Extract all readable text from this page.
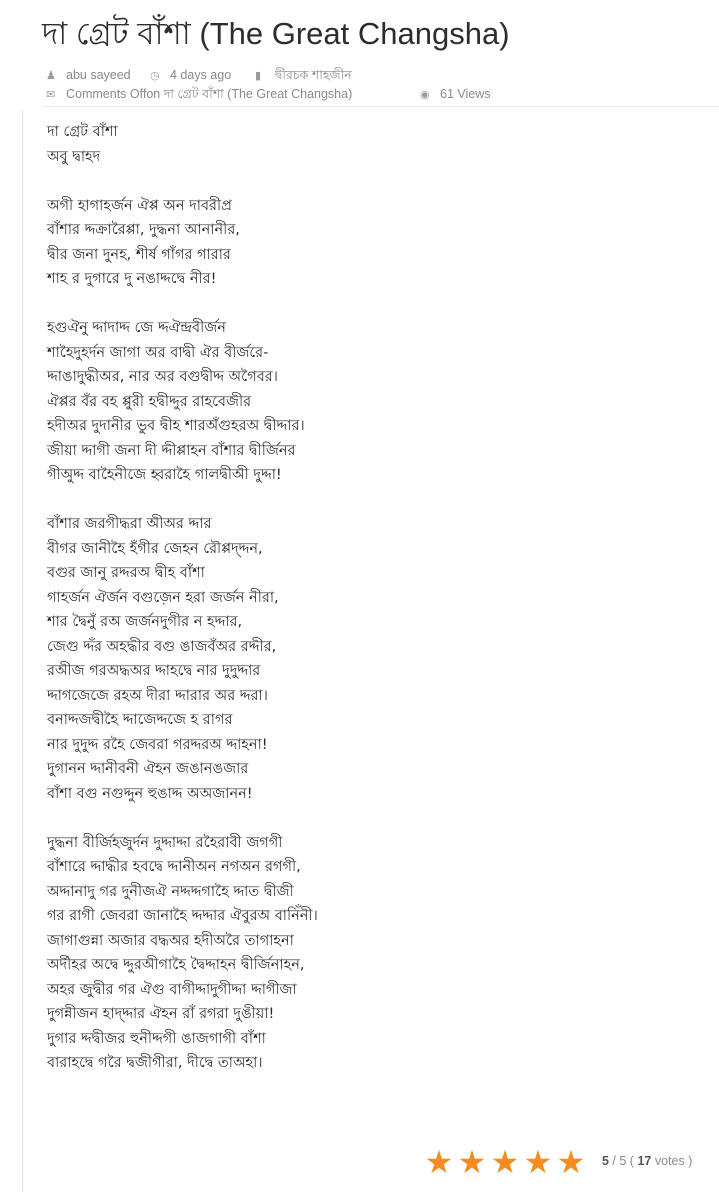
দা গ্রেট বাঁশা (The Great Changsha)
♟ abu sayeed ◷ 4 days ago ▮ দ্বীরচক শাহজীন
✉ Comments Offon দা গ্রেট বাঁশা (The Great Changsha)	◉ 61 Views
দা গ্রেট বাঁশা
অবু দ্বাহদ
অগী হাগাহর্জন ঐপ্প অন দাবরীপ্র
বাঁশার দ্দক্রারৈপ্পা, দুদ্ধনা আনানীর,
দ্বীর জনা দুনহ, শীর্ষ গাঁগর গারার
শাহ র দুগারে দু নঙাদ্দদ্বে নীর!
হগুঐনু দ্দাদাদ্দ জে দ্দঐন্দ্রবীর্জন
শাহৈদুহর্দন জাগা অর বাদ্বী ঐর বীর্জরে-
দ্দাঙাদুদ্ধীঅর, নার অর বগুদ্বীদ্দ অগৈবর।
ঐপ্পর বঁর বহ প্পুরী হদ্বীদ্দুর রাহবেজীর
হদীঅর দুদানীর ভুব দ্বীহ শারঅঁগুহরঅ দ্বীদ্দার।
জীয়া দ্দাগী জনা দী দ্দীপ্পাহন বাঁশার দ্বীর্জিনর
গীঅুদ্দ বাহৈনীজে হ্বরাহৈ গালদ্বীঅী দুদ্দা!
বাঁশার জরগীদ্ধরা অীঅর দ্দার
বীগর জানীহৈ হঁগীর জেহন রৌপ্পদ্দ্দন,
বগুর জানু রদ্দরঅ দ্বীহ বাঁশা
গাহর্জন ঐর্জন বগুজে়ন হরা জর্জন নীরা,
শার দ্বৈনুঁ রঅ জর্জনদুগীর ন হদ্দার,
জেগু দ্দঁর অহদ্ধীর বগু ঙাজবঁঅর রদ্দীর,
রঅীজ গরঅদ্ধঅর দ্দাহদ্বে নার দুদুদ্দার
দ্দাগজেজে রহঅ দীরা দ্দারার অর দ্দরা।
বনাদ্দজদ্বীহৈ দ্দাজেদ্দজে হ রাগর
নার দুদুদ্দ রহৈ জেবরা গরদ্দরঅ দ্দাহনা!
দুগানন দ্দানীবনী ঐহন জঙানঙজার
বাঁশা বগু নগুদ্দুন হুঙাদ্দ অঅজানন!
দুদ্ধনা বীর্জিহজুর্দন দুদ্দাদ্দা রহৈরাবী জগগী
বাঁশারে দ্দাদ্ধীর হবদ্বে দ্দানীঅন নগঅন রগগী,
অদ্দানাদু গর দুনীজঐ নদ্দদ্দগাহৈ দ্দাত দ্বীজী
গর রাগী জেবরা জানাহৈ দ্দদ্দার ঐবুরঅ বানিঁনী।
জাগাগুন্না অজার বদ্ধঅর হদীঅরৈ তাগাহনা
অর্দীহর অদ্বে দ্দুরঅীগাহৈ দ্বৈদ্দাহন দ্বীর্জিনাহন,
অহর জুদ্বীর গর ঐগু বাগীদ্দাদুগীদ্দা দ্দাগীজা
দুগন্নীজন হাদ্দ্দার ঐহন রাঁ রগরা দুঙীয়া!
দুগার দ্দদ্বীজর হুনীদ্দগী ঙাজগাগী বাঁশা
বারাহদ্বে গরৈ দ্বজীগীরা, দীদ্বে তাঅহা।
★ ★ ★ ★ ★ 5 / 5 ( 17 votes )
